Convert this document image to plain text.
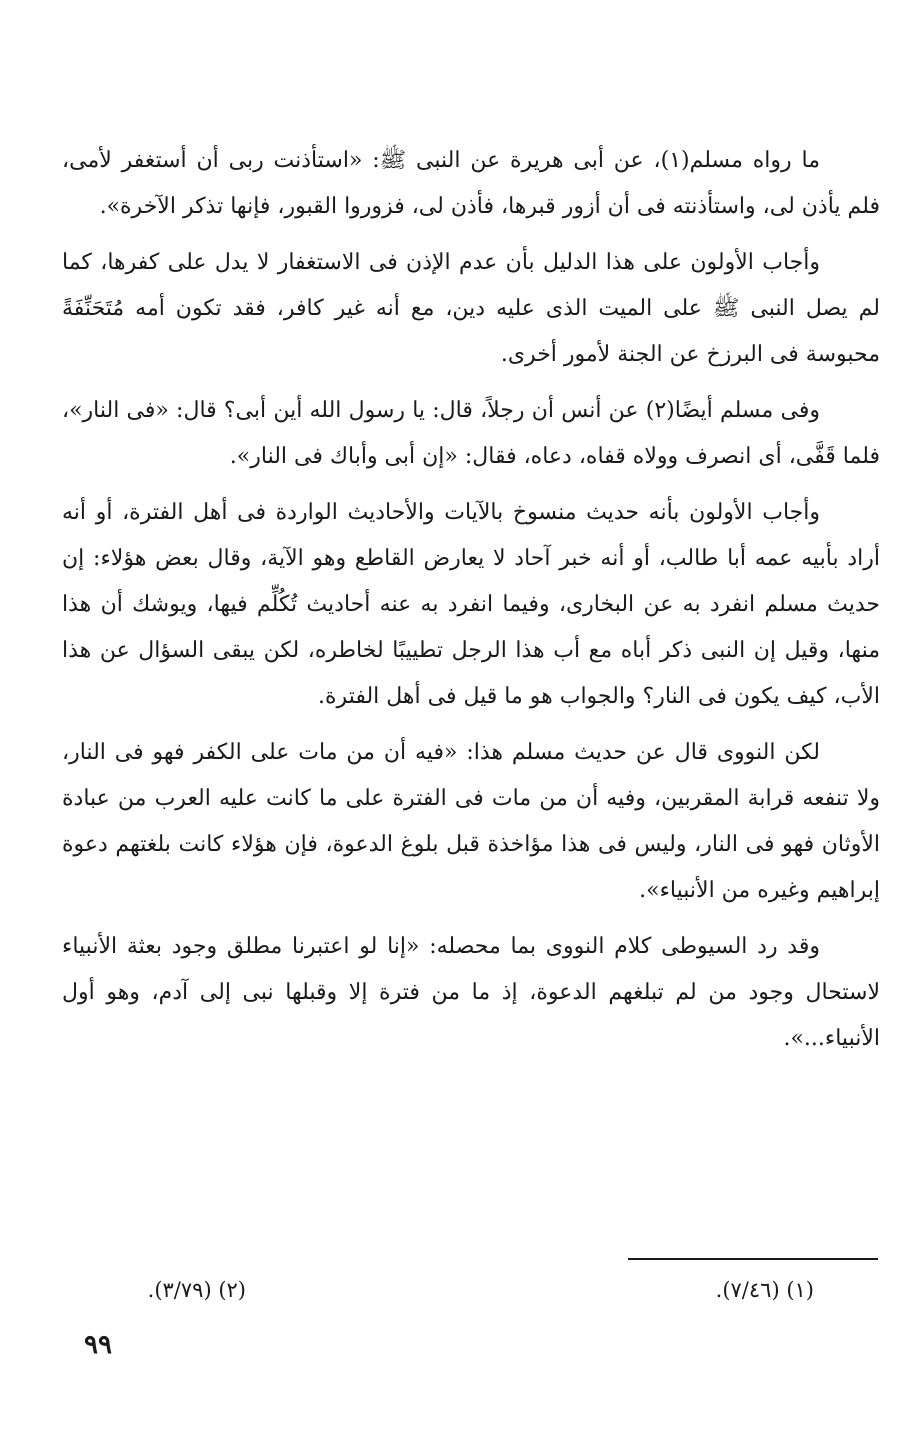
ما رواه مسلم(١)، عن أبى هريرة عن النبى ﷺ: «استأذنت ربى أن أستغفر لأمى، فلم يأذن لى، واستأذنته فى أن أزور قبرها، فأذن لى، فزوروا القبور، فإنها تذكر الآخرة».

وأجاب الأولون على هذا الدليل بأن عدم الإذن فى الاستغفار لا يدل على كفرها، كما لم يصل النبى ﷺ على الميت الذى عليه دين، مع أنه غير كافر، فقد تكون أمه مُتَحَنِّفَةً محبوسة فى البرزخ عن الجنة لأمور أخرى.

وفى مسلم أيضًا(٢) عن أنس أن رجلاً، قال: يا رسول الله أين أبى؟ قال: «فى النار»، فلما قَفَّى، أى انصرف وولاه قفاه، دعاه، فقال: «إن أبى وأباك فى النار».

وأجاب الأولون بأنه حديث منسوخ بالآيات والأحاديث الواردة فى أهل الفترة، أو أنه أراد بأبيه عمه أبا طالب، أو أنه خبر آحاد لا يعارض القاطع وهو الآية، وقال بعض هؤلاء: إن حديث مسلم انفرد به عن البخارى، وفيما انفرد به عنه أحاديث تُكُلِّم فيها، ويوشك أن هذا منها، وقيل إن النبى ذكر أباه مع أب هذا الرجل تطييبًا لخاطره، لكن يبقى السؤال عن هذا الأب، كيف يكون فى النار؟ والجواب هو ما قيل فى أهل الفترة.

لكن النووى قال عن حديث مسلم هذا: «فيه أن من مات على الكفر فهو فى النار، ولا تنفعه قرابة المقربين، وفيه أن من مات فى الفترة على ما كانت عليه العرب من عبادة الأوثان فهو فى النار، وليس فى هذا مؤاخذة قبل بلوغ الدعوة، فإن هؤلاء كانت بلغتهم دعوة إبراهيم وغيره من الأنبياء».

وقد رد السيوطى كلام النووى بما محصله: «إنا لو اعتبرنا مطلق وجود بعثة الأنبياء لاستحال وجود من لم تبلغهم الدعوة، إذ ما من فترة إلا وقبلها نبى إلى آدم، وهو أول الأنبياء...».

(١) (٧/٤٦).
(٢) (٣/٧٩).
٩٩
